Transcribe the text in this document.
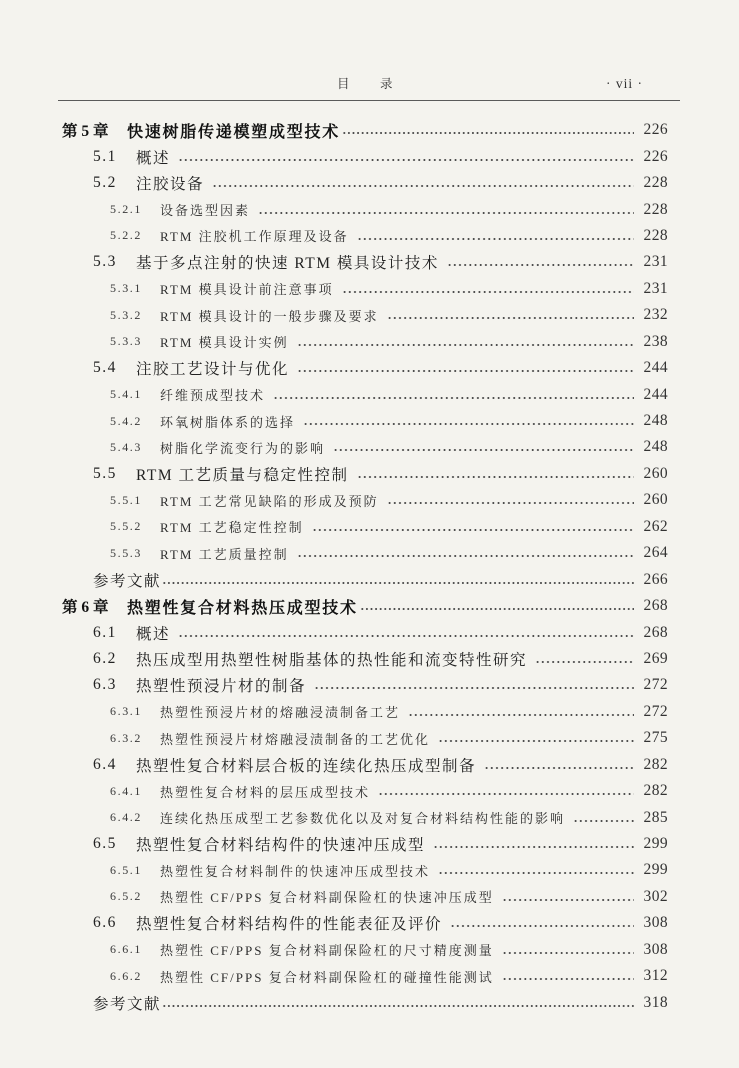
目　录	· vii ·
第 5 章	快速树脂传递模塑成型技术	226
5.1	概述	226
5.2	注胶设备	228
5.2.1	设备选型因素	228
5.2.2	RTM 注胶机工作原理及设备	228
5.3	基于多点注射的快速 RTM 模具设计技术	231
5.3.1	RTM 模具设计前注意事项	231
5.3.2	RTM 模具设计的一般步骤及要求	232
5.3.3	RTM 模具设计实例	238
5.4	注胶工艺设计与优化	244
5.4.1	纤维预成型技术	244
5.4.2	环氧树脂体系的选择	248
5.4.3	树脂化学流变行为的影响	248
5.5	RTM 工艺质量与稳定性控制	260
5.5.1	RTM 工艺常见缺陷的形成及预防	260
5.5.2	RTM 工艺稳定性控制	262
5.5.3	RTM 工艺质量控制	264
参考文献	266
第 6 章	热塑性复合材料热压成型技术	268
6.1	概述	268
6.2	热压成型用热塑性树脂基体的热性能和流变特性研究	269
6.3	热塑性预浸片材的制备	272
6.3.1	热塑性预浸片材的熔融浸渍制备工艺	272
6.3.2	热塑性预浸片材熔融浸渍制备的工艺优化	275
6.4	热塑性复合材料层合板的连续化热压成型制备	282
6.4.1	热塑性复合材料的层压成型技术	282
6.4.2	连续化热压成型工艺参数优化以及对复合材料结构性能的影响	285
6.5	热塑性复合材料结构件的快速冲压成型	299
6.5.1	热塑性复合材料制件的快速冲压成型技术	299
6.5.2	热塑性 CF/PPS 复合材料副保险杠的快速冲压成型	302
6.6	热塑性复合材料结构件的性能表征及评价	308
6.6.1	热塑性 CF/PPS 复合材料副保险杠的尺寸精度测量	308
6.6.2	热塑性 CF/PPS 复合材料副保险杠的碰撞性能测试	312
参考文献	318
